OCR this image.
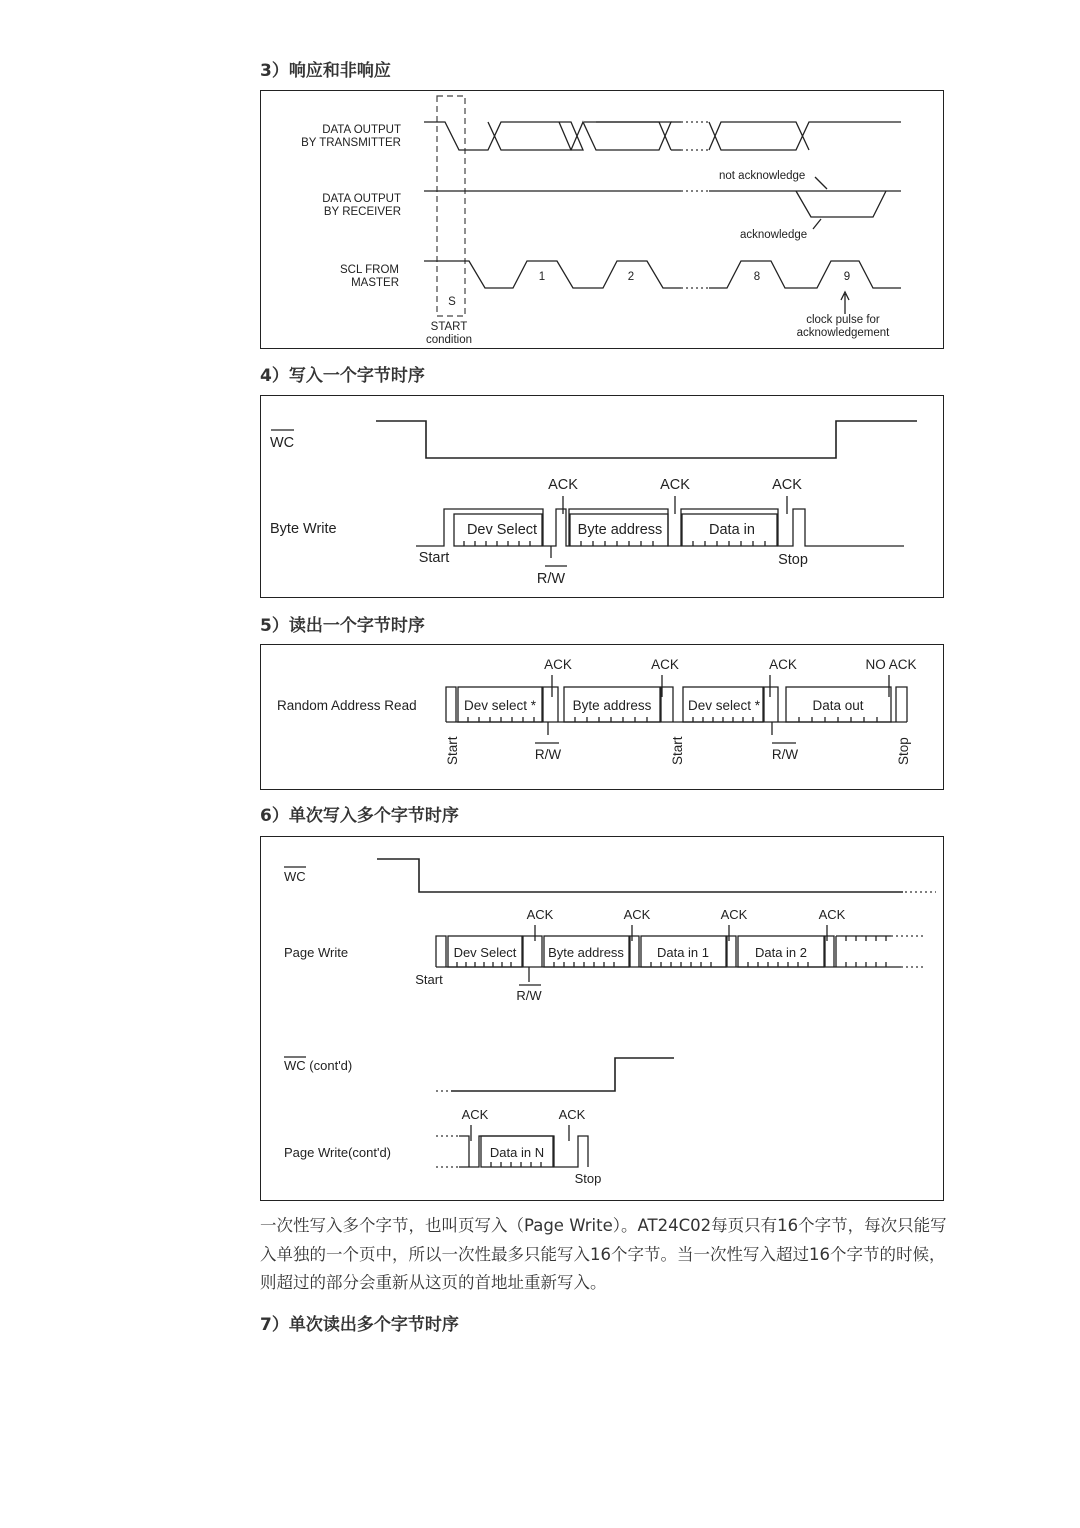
3）响应和非响应
DATA OUTPUT
BY TRANSMITTER
DATA OUTPUT
BY RECEIVER
SCL FROM
MASTER
not acknowledge
acknowledge
S
1	2	8	9
START
condition
clock pulse for
acknowledgement
4）写入一个字节时序
WC
Byte Write
ACK	ACK	ACK
Dev Select	Byte address	Data in
Start	Stop
R/W
5）读出一个字节时序
Random Address Read
ACK	ACK	ACK	NO ACK
Dev select *	Byte address	Dev select *	Data out
Start	Start	Stop
R/W	R/W
6）单次写入多个字节时序
WC
Page Write
ACK	ACK	ACK	ACK
Dev Select Byte address	Data in 1	Data in 2
Start
R/W
WC (cont'd)
ACK	ACK
Page Write(cont'd)	Data in N
Stop

一次性写入多个字节，也叫页写入（Page Write）。AT24C02每页只有16个字节，每次只能写入单独的一个页中，所以一次性最多只能写入16个字节。当一次性写入超过16个字节的时候，则超过的部分会重新从这页的首地址重新写入。

7）单次读出多个字节时序
